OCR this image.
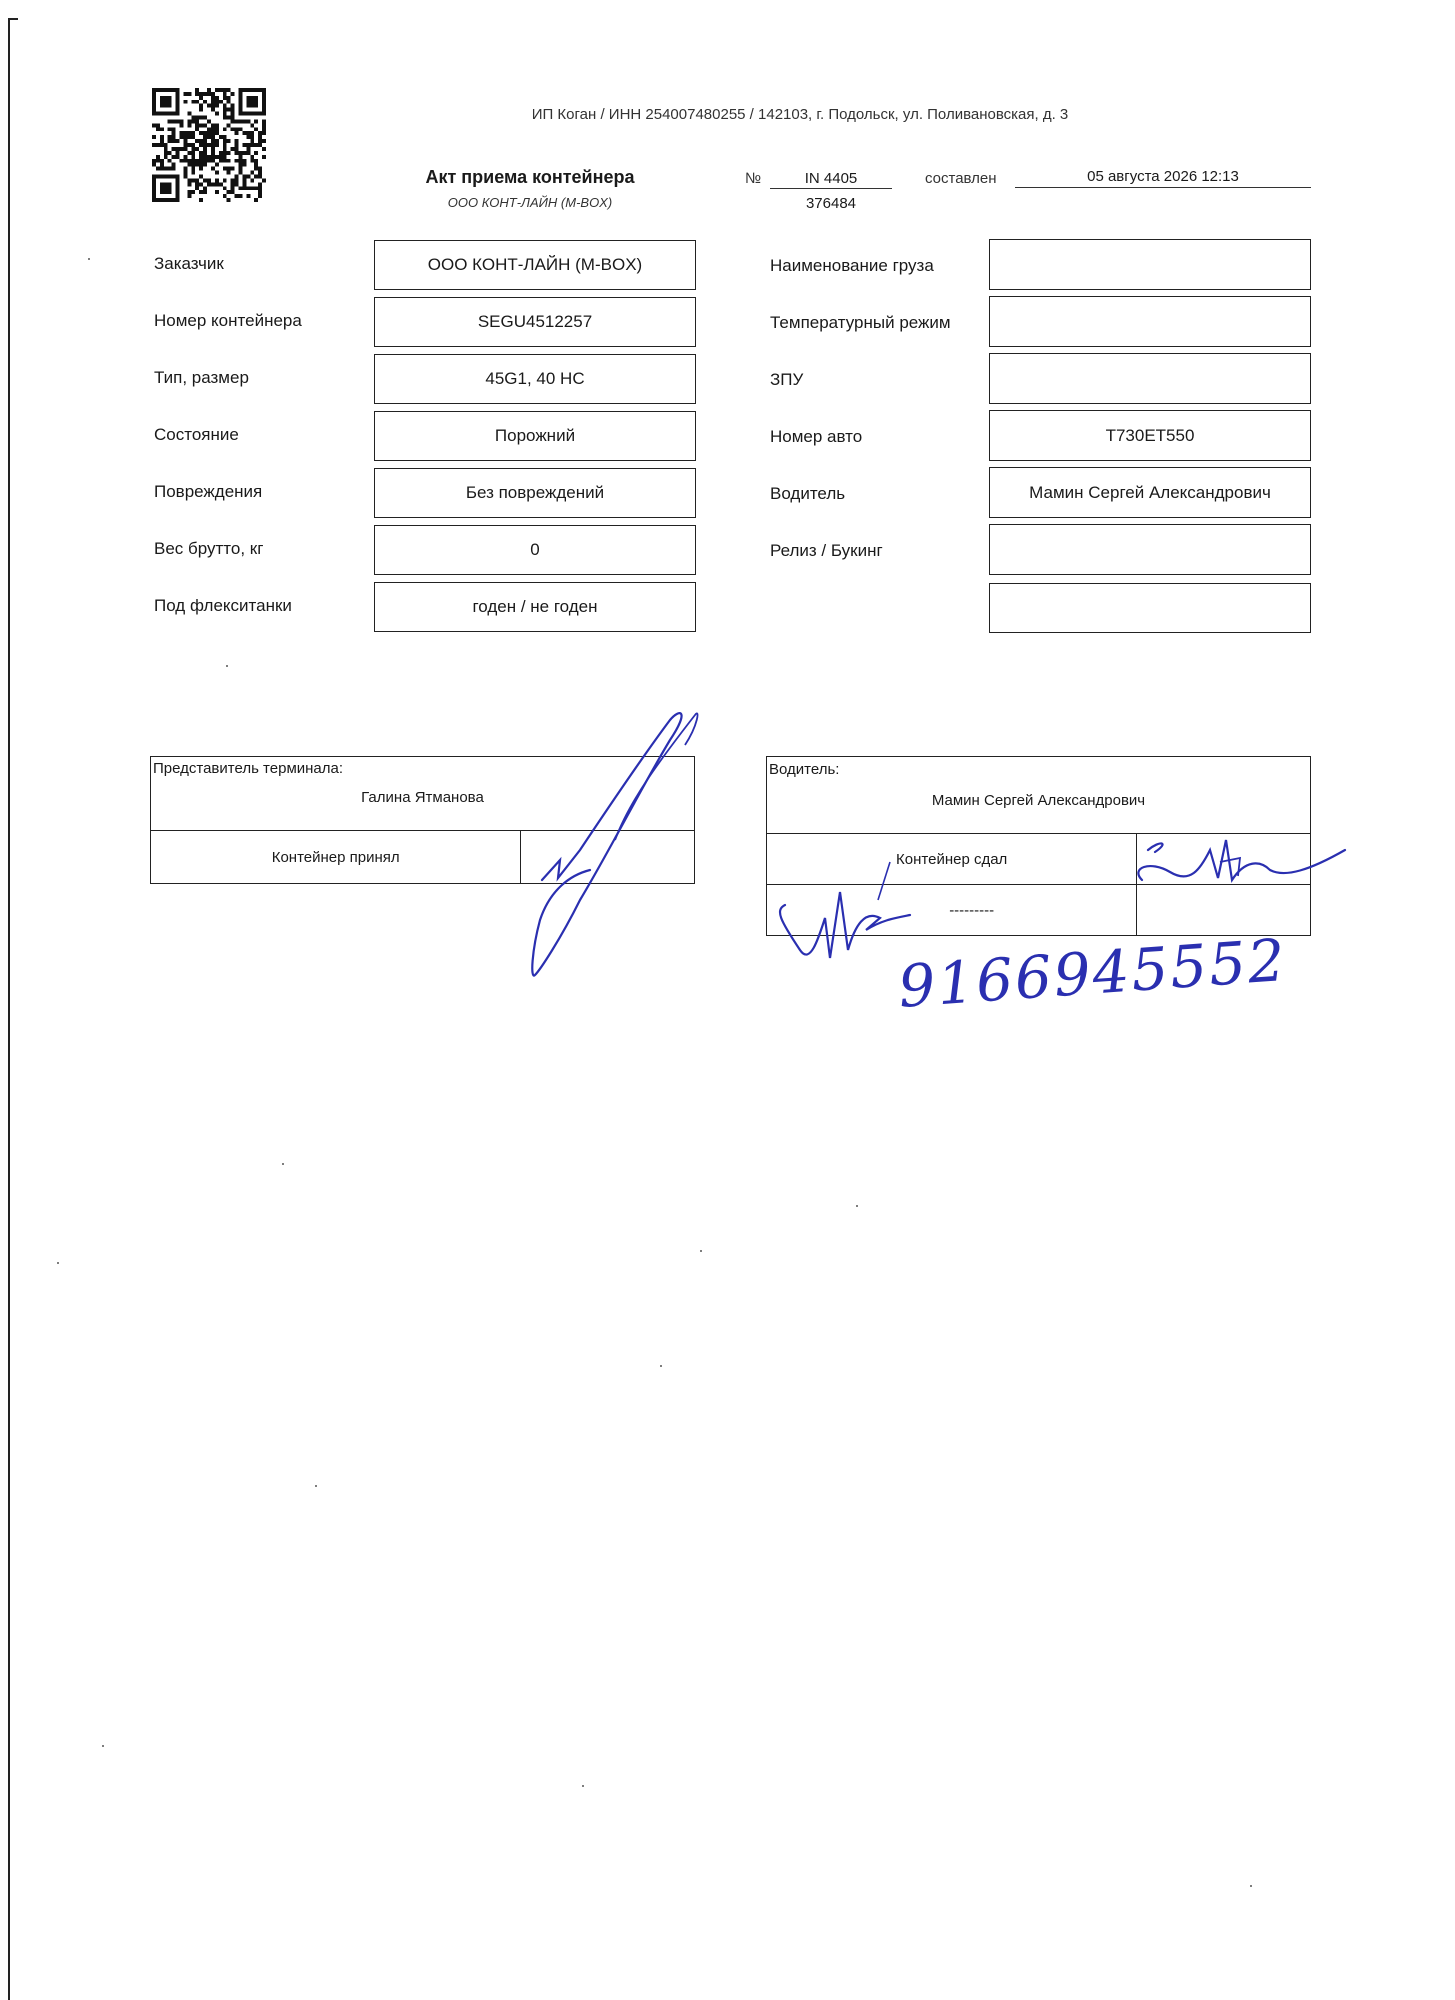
ИП Коган / ИНН 254007480255 / 142103, г. Подольск, ул. Поливановская, д. 3
Акт приема контейнера
ООО КОНТ-ЛАЙН (M-BOX)
№	IN 4405
376484
составлен	05 августа 2026 12:13
Заказчик	ООО КОНТ-ЛАЙН (M-BOX)
Номер контейнера	SEGU4512257
Тип, размер	45G1, 40 HC
Состояние	Порожний
Повреждения	Без повреждений
Вес брутто, кг	0
Под флекситанки	годен / не годен
Наименование груза
Температурный режим
ЗПУ
Номер авто	Т730ЕТ550
Водитель	Мамин Сергей Александрович
Релиз / Букинг
Представитель терминала:
Галина Ятманова

Контейнер принял	
Водитель:
Мамин Сергей Александрович	

Контейнер сдал	
---------	
9166945552
